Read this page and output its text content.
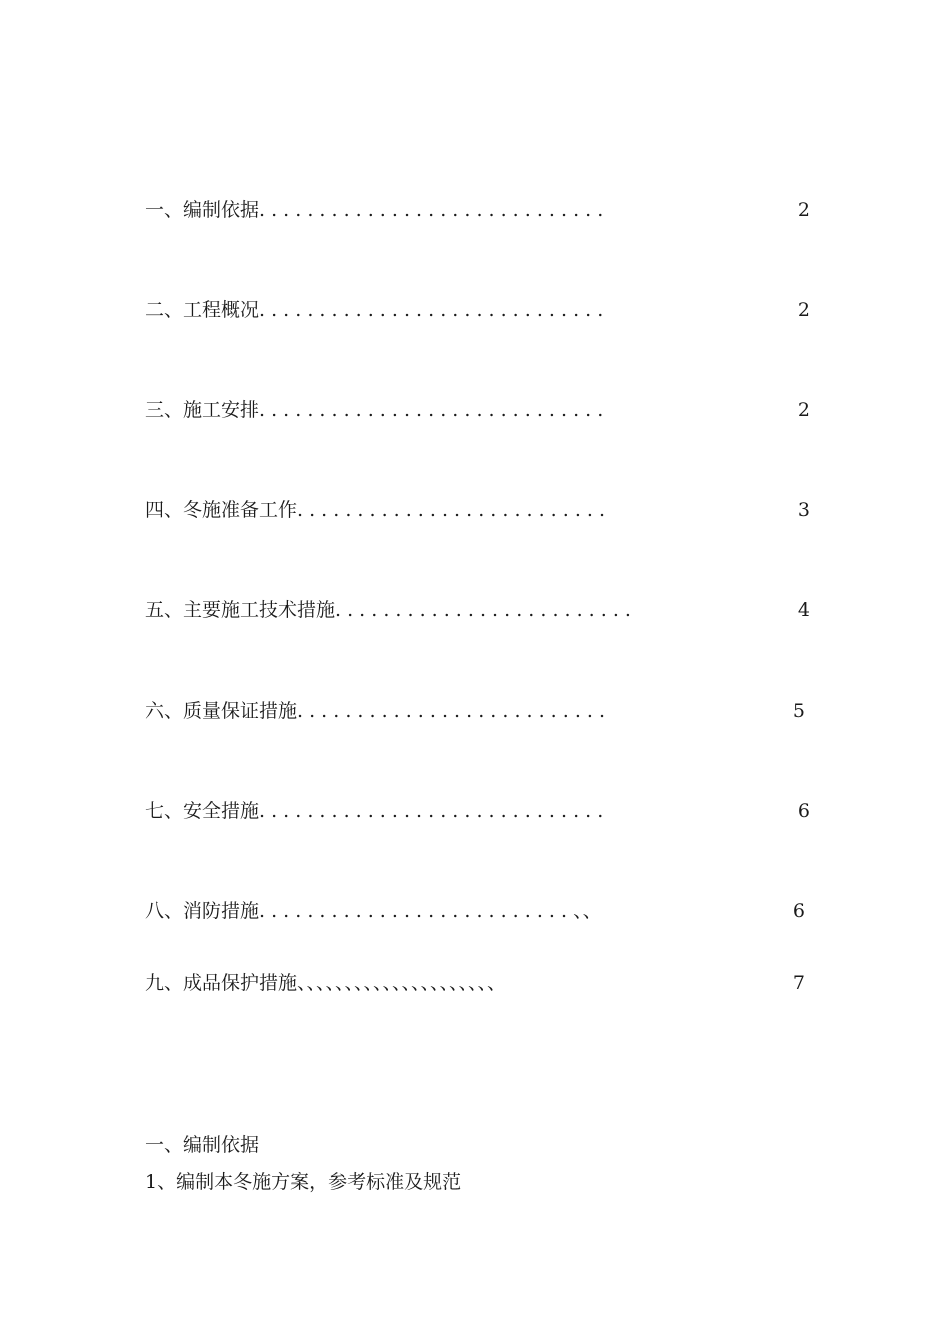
一、编制依据 . . . . . . . . . . . . . . . . . . . . . . . . . . . . .	2
二、工程概况 . . . . . . . . . . . . . . . . . . . . . . . . . . . . .	2
三、施工安排 . . . . . . . . . . . . . . . . . . . . . . . . . . . . .	2
四、冬施准备工作 . . . . . . . . . . . . . . . . . . . . . . . . . .	3
五、主要施工技术措施 . . . . . . . . . . . . . . . . . . . . . . . . .	4
六、质量保证措施 . . . . . . . . . . . . . . . . . . . . . . . . . .	5
七、安全措施 . . . . . . . . . . . . . . . . . . . . . . . . . . . . .	6
八、消防措施 . . . . . . . . . . . . . . . . . . . . . . . . . . 、、	6
九、成品保护措施 、、、、、、、、、、、、、、、、、、、、、	7
一、编制依据
1、编制本冬施方案，参考标准及规范
